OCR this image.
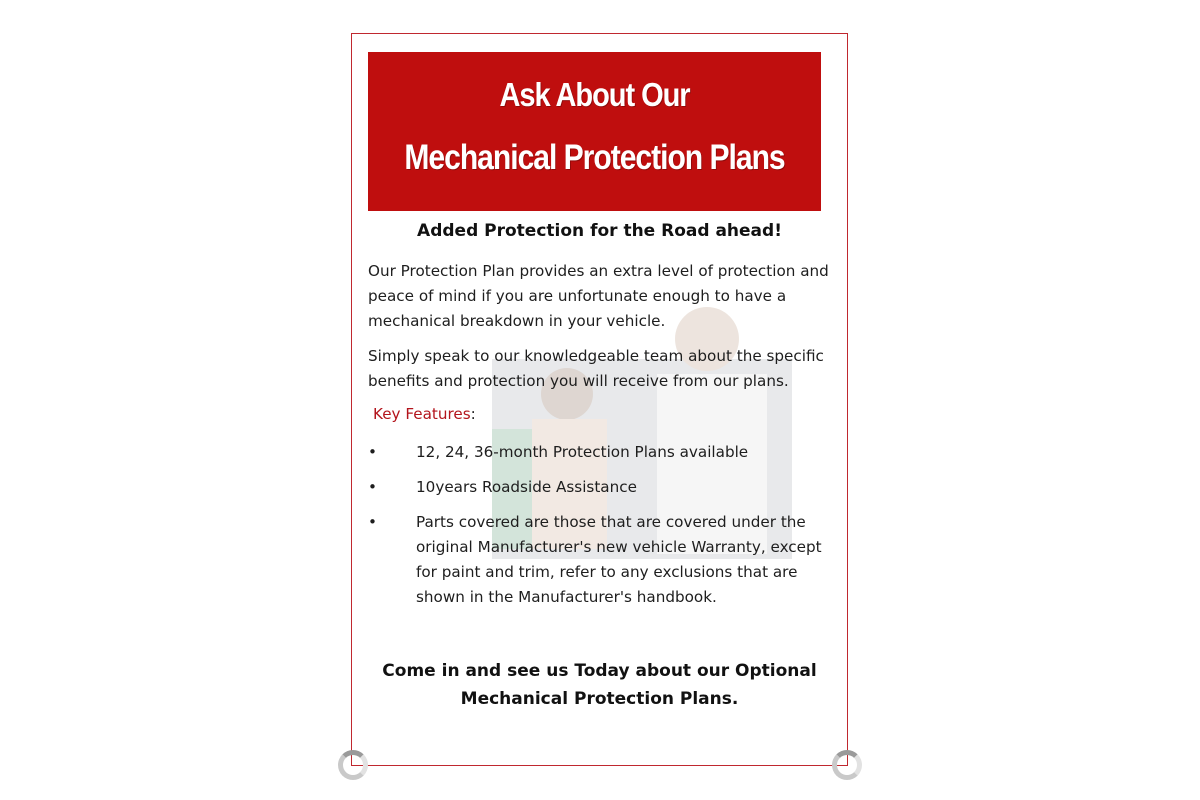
Ask About Our
Mechanical Protection Plans
Added Protection for the Road ahead!
Our Protection Plan provides an extra level of protection and peace of mind if you are unfortunate enough to have a mechanical breakdown in your vehicle.
Simply speak to our knowledgeable team about the specific benefits and protection you will receive from our plans.
Key Features:
•	12, 24, 36-month Protection Plans available
•	10years Roadside Assistance
•	Parts covered are those that are covered under the original Manufacturer's new vehicle Warranty, except for paint and trim, refer to any exclusions that are shown in the Manufacturer's handbook.
Come in and see us Today about our Optional
Mechanical Protection Plans.
